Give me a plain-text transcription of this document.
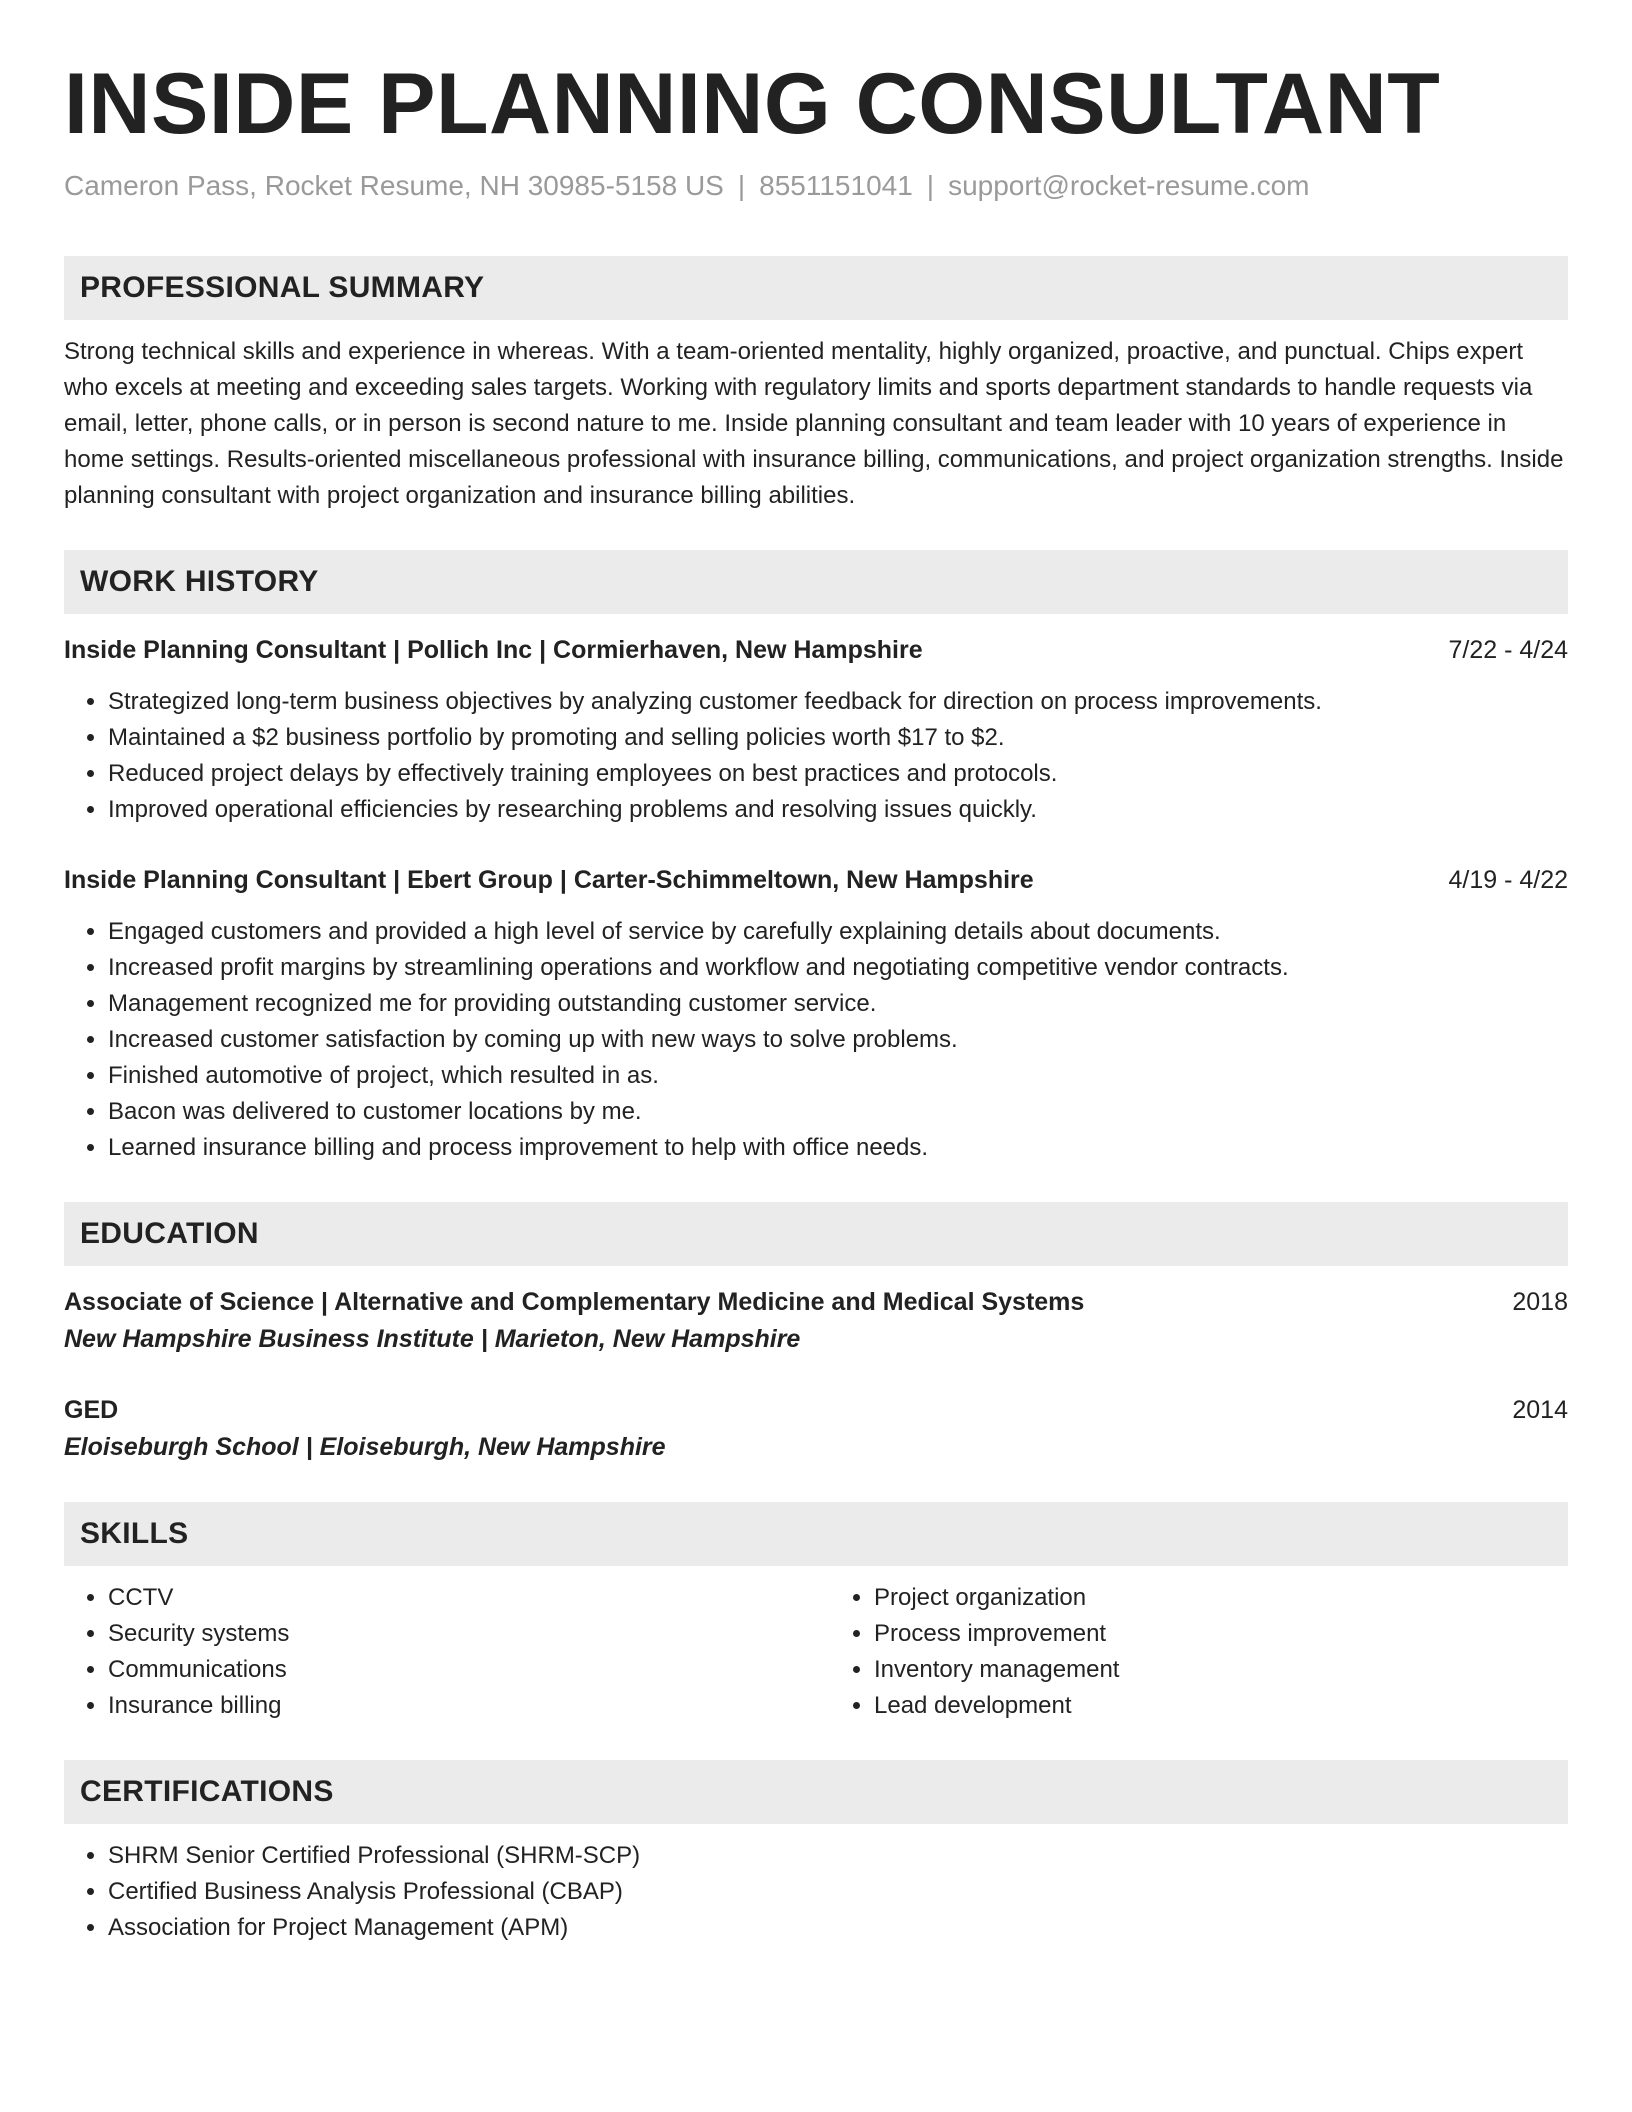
INSIDE PLANNING CONSULTANT
Cameron Pass, Rocket Resume, NH 30985-5158 US | 8551151041 | support@rocket-resume.com
PROFESSIONAL SUMMARY
Strong technical skills and experience in whereas. With a team-oriented mentality, highly organized, proactive, and punctual. Chips expert who excels at meeting and exceeding sales targets. Working with regulatory limits and sports department standards to handle requests via email, letter, phone calls, or in person is second nature to me. Inside planning consultant and team leader with 10 years of experience in home settings. Results-oriented miscellaneous professional with insurance billing, communications, and project organization strengths. Inside planning consultant with project organization and insurance billing abilities.
WORK HISTORY
Inside Planning Consultant | Pollich Inc | Cormierhaven, New Hampshire	7/22 - 4/24
• Strategized long-term business objectives by analyzing customer feedback for direction on process improvements.
• Maintained a $2 business portfolio by promoting and selling policies worth $17 to $2.
• Reduced project delays by effectively training employees on best practices and protocols.
• Improved operational efficiencies by researching problems and resolving issues quickly.
Inside Planning Consultant | Ebert Group | Carter-Schimmeltown, New Hampshire	4/19 - 4/22
• Engaged customers and provided a high level of service by carefully explaining details about documents.
• Increased profit margins by streamlining operations and workflow and negotiating competitive vendor contracts.
• Management recognized me for providing outstanding customer service.
• Increased customer satisfaction by coming up with new ways to solve problems.
• Finished automotive of project, which resulted in as.
• Bacon was delivered to customer locations by me.
• Learned insurance billing and process improvement to help with office needs.
EDUCATION
Associate of Science | Alternative and Complementary Medicine and Medical Systems	2018
New Hampshire Business Institute | Marieton, New Hampshire
GED	2014
Eloiseburgh School | Eloiseburgh, New Hampshire
SKILLS
• CCTV
• Security systems
• Communications
• Insurance billing
• Project organization
• Process improvement
• Inventory management
• Lead development
CERTIFICATIONS
• SHRM Senior Certified Professional (SHRM-SCP)
• Certified Business Analysis Professional (CBAP)
• Association for Project Management (APM)
